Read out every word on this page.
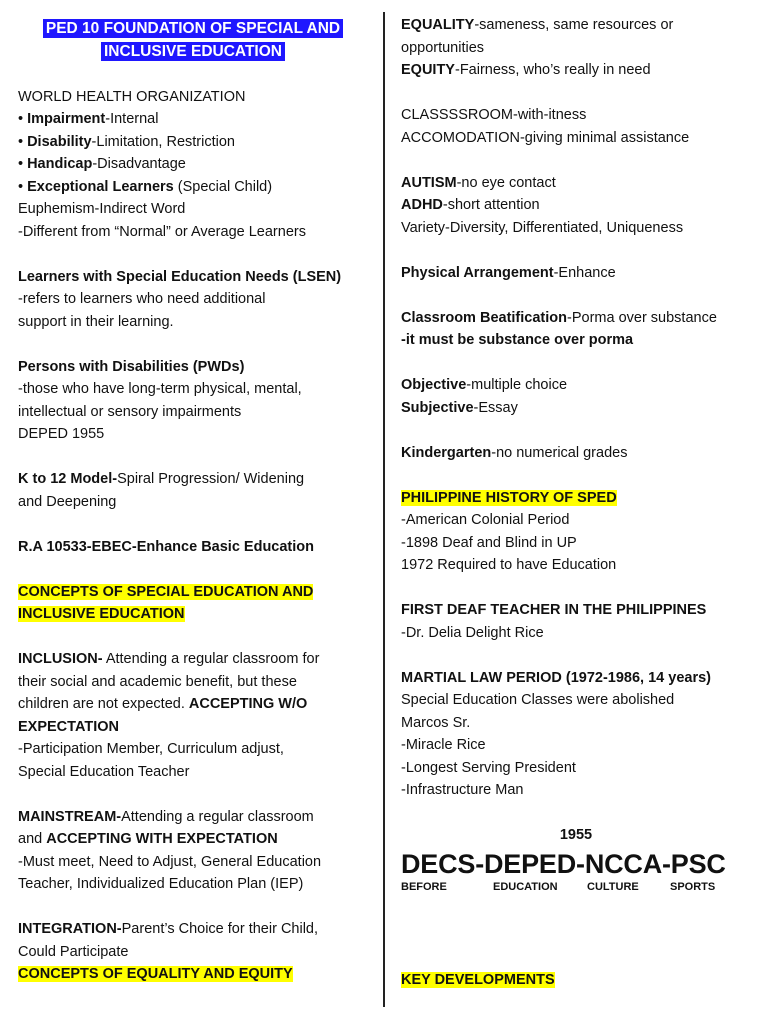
PED 10 FOUNDATION OF SPECIAL AND
INCLUSIVE EDUCATION
WORLD HEALTH ORGANIZATION
• Impairment-Internal
• Disability-Limitation, Restriction
• Handicap-Disadvantage
• Exceptional Learners (Special Child)
Euphemism-Indirect Word
-Different from “Normal” or Average Learners
Learners with Special Education Needs (LSEN)
-refers to learners who need additional
support in their learning.
Persons with Disabilities (PWDs)
-those who have long-term physical, mental,
intellectual or sensory impairments
DEPED 1955
K to 12 Model-Spiral Progression/ Widening
and Deepening
R.A 10533-EBEC-Enhance Basic Education
CONCEPTS OF SPECIAL EDUCATION AND
INCLUSIVE EDUCATION
INCLUSION- Attending a regular classroom for
their social and academic benefit, but these
children are not expected. ACCEPTING W/O
EXPECTATION
-Participation Member, Curriculum adjust,
Special Education Teacher
MAINSTREAM-Attending a regular classroom
and ACCEPTING WITH EXPECTATION
-Must meet, Need to Adjust, General Education
Teacher, Individualized Education Plan (IEP)
INTEGRATION-Parent’s Choice for their Child,
Could Participate
CONCEPTS OF EQUALITY AND EQUITY
EQUALITY-sameness, same resources or
opportunities
EQUITY-Fairness, who’s really in need
CLASSSSROOM-with-itness
ACCOMODATION-giving minimal assistance
AUTISM-no eye contact
ADHD-short attention
Variety-Diversity, Differentiated, Uniqueness
Physical Arrangement-Enhance
Classroom Beatification-Porma over substance
-it must be substance over porma
Objective-multiple choice
Subjective-Essay
Kindergarten-no numerical grades
PHILIPPINE HISTORY OF SPED
-American Colonial Period
-1898 Deaf and Blind in UP
1972 Required to have Education
FIRST DEAF TEACHER IN THE PHILIPPINES
-Dr. Delia Delight Rice
MARTIAL LAW PERIOD (1972-1986, 14 years)
Special Education Classes were abolished
Marcos Sr.
-Miracle Rice
-Longest Serving President
-Infrastructure Man
1955
DECS-DEPED-NCCA-PSC
BEFORE	EDUCATION	CULTURE	SPORTS
KEY DEVELOPMENTS
